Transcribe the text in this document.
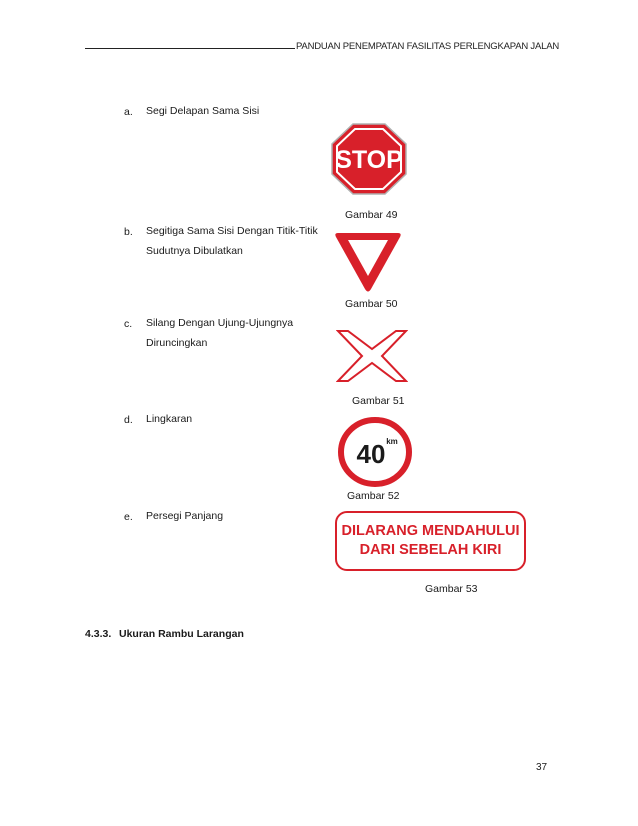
PANDUAN PENEMPATAN FASILITAS PERLENGKAPAN JALAN
a. Segi Delapan Sama Sisi
STOP
Gambar 49
b. Segitiga Sama Sisi Dengan Titik-Titik
Sudutnya Dibulatkan
Gambar 50
c. Silang Dengan Ujung-Ujungnya
Diruncingkan
Gambar 51
d. Lingkaran
40 km
Gambar 52
e. Persegi Panjang
DILARANG MENDAHULUI
DARI SEBELAH KIRI
Gambar 53
4.3.3. Ukuran Rambu Larangan
37
